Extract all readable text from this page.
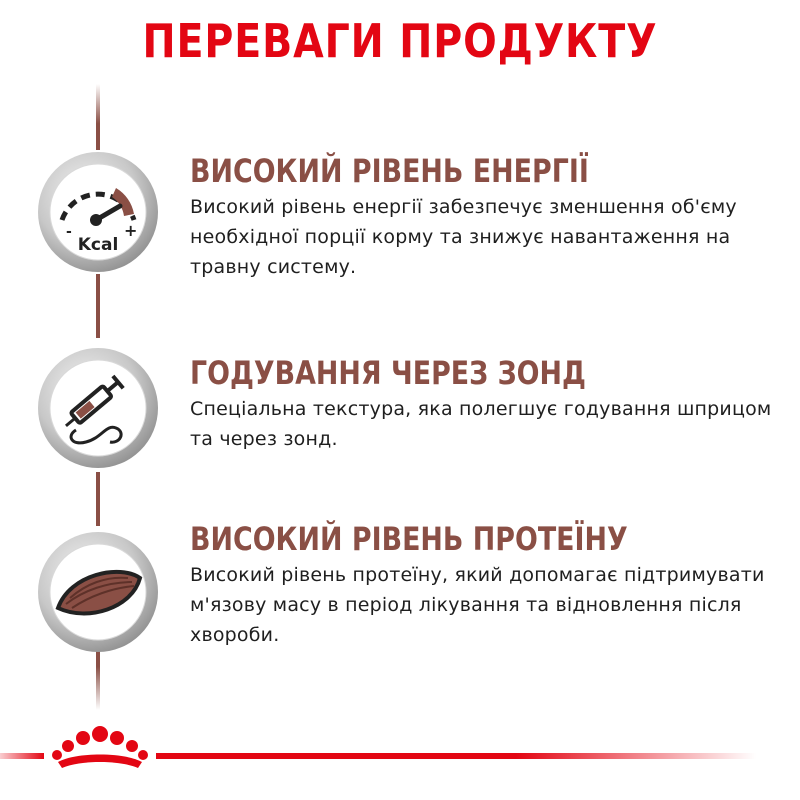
ПЕРЕВАГИ ПРОДУКТУ
-	+
Kcal
ВИСОКИЙ РІВЕНЬ ЕНЕРГІЇ

Високий рівень енергії забезпечує зменшення об'єму необхідної порції корму та знижує навантаження на травну систему.

ГОДУВАННЯ ЧЕРЕЗ ЗОНД

Спеціальна текстура, яка полегшує годування шприцом та через зонд.

ВИСОКИЙ РІВЕНЬ ПРОТЕЇНУ

Високий рівень протеїну, який допомагає підтримувати м'язову масу в період лікування та відновлення після хвороби.
